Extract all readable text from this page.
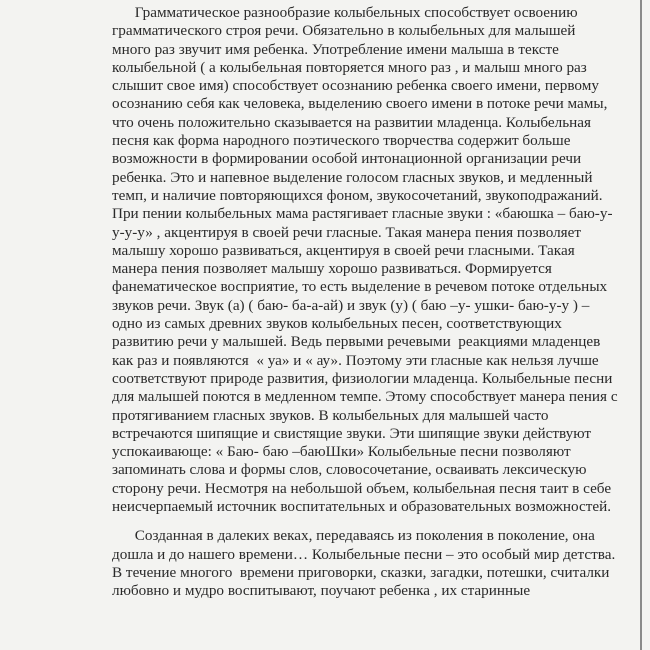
Грамматическое разнообразие колыбельных способствует освоению
грамматического строя речи. Обязательно в колыбельных для малышей
много раз звучит имя ребенка. Употребление имени малыша в тексте
колыбельной ( а колыбельная повторяется много раз , и малыш много раз
слышит свое имя) способствует осознанию ребенка своего имени, первому
осознанию себя как человека, выделению своего имени в потоке речи мамы,
что очень положительно сказывается на развитии младенца. Колыбельная
песня как форма народного поэтического творчества содержит больше
возможности в формировании особой интонационной организации речи
ребенка. Это и напевное выделение голосом гласных звуков, и медленный
темп, и наличие повторяющихся фоном, звукосочетаний, звукоподражаний.
При пении колыбельных мама растягивает гласные звуки : «баюшка – баю-у-
у-у-у» , акцентируя в своей речи гласные. Такая манера пения позволяет
малышу хорошо развиваться, акцентируя в своей речи гласными. Такая
манера пения позволяет малышу хорошо развиваться. Формируется
фанематическое восприятие, то есть выделение в речевом потоке отдельных
звуков речи. Звук (а) ( баю- ба-а-ай) и звук (у) ( баю –у- ушки- баю-у-у ) –
одно из самых древних звуков колыбельных песен, соответствующих
развитию речи у малышей. Ведь первыми речевыми  реакциями младенцев
как раз и появляются  « уа» и « ау». Поэтому эти гласные как нельзя лучше
соответствуют природе развития, физиологии младенца. Колыбельные песни
для малышей поются в медленном темпе. Этому способствует манера пения с
протягиванием гласных звуков. В колыбельных для малышей часто
встречаются шипящие и свистящие звуки. Эти шипящие звуки действуют
успокаивающе: « Баю- баю –баюШки» Колыбельные песни позволяют
запоминать слова и формы слов, словосочетание, осваивать лексическую
сторону речи. Несмотря на небольшой объем, колыбельная песня таит в себе
неисчерпаемый источник воспитательных и образовательных возможностей.
Созданная в далеких веках, передаваясь из поколения в поколение, она
дошла и до нашего времени… Колыбельные песни – это особый мир детства.
В течение многого  времени приговорки, сказки, загадки, потешки, считалки
любовно и мудро воспитывают, поучают ребенка , их старинные
